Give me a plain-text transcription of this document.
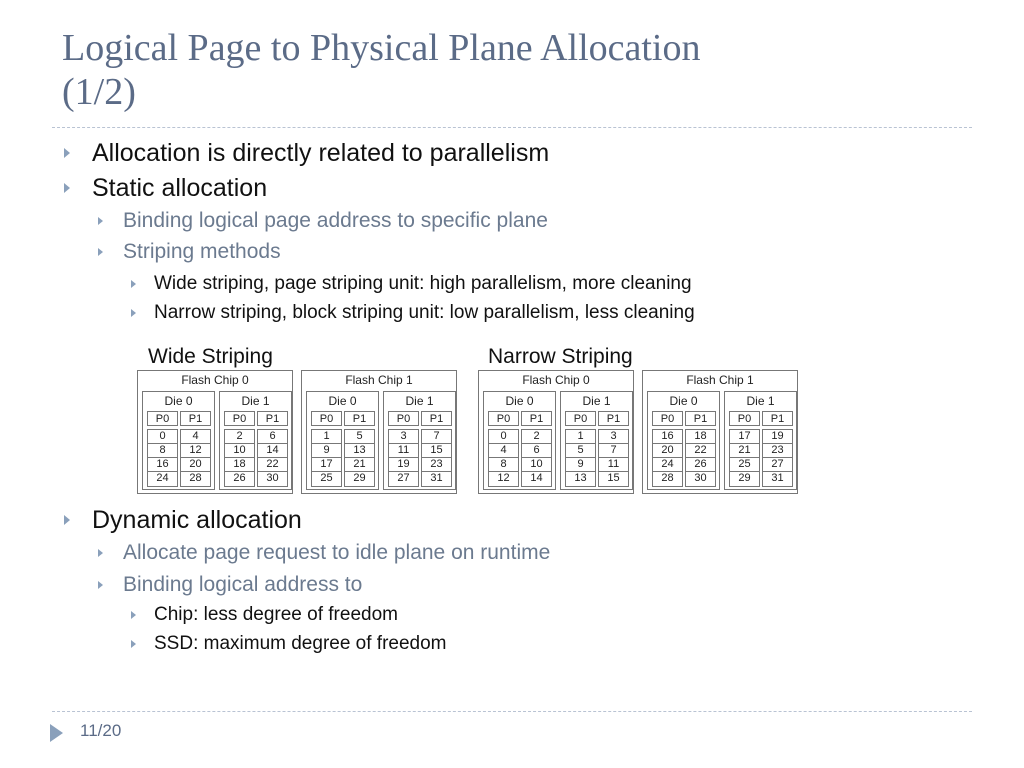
Logical Page to Physical Plane Allocation
(1/2)
Allocation is directly related to parallelism
Static allocation
Binding logical page address to specific plane
Striping methods
Wide striping, page striping unit: high parallelism, more cleaning
Narrow striping, block striping unit: low parallelism, less cleaning
Wide Striping	Narrow Striping
Flash Chip 0
Die 0
P0
0
8
16
24
P1
4
12
20
28
Die 1
P0
2
10
18
26
P1
6
14
22
30
Flash Chip 1
Die 0
P0
1
9
17
25
P1
5
13
21
29
Die 1
P0
3
11
19
27
P1
7
15
23
31
Flash Chip 0
Die 0
P0
0
4
8
12
P1
2
6
10
14
Die 1
P0
1
5
9
13
P1
3
7
11
15
Flash Chip 1
Die 0
P0
16
20
24
28
P1
18
22
26
30
Die 1
P0
17
21
25
29
P1
19
23
27
31
Dynamic allocation
Allocate page request to idle plane on runtime
Binding logical address to
Chip: less degree of freedom
SSD: maximum degree of freedom
11/20
